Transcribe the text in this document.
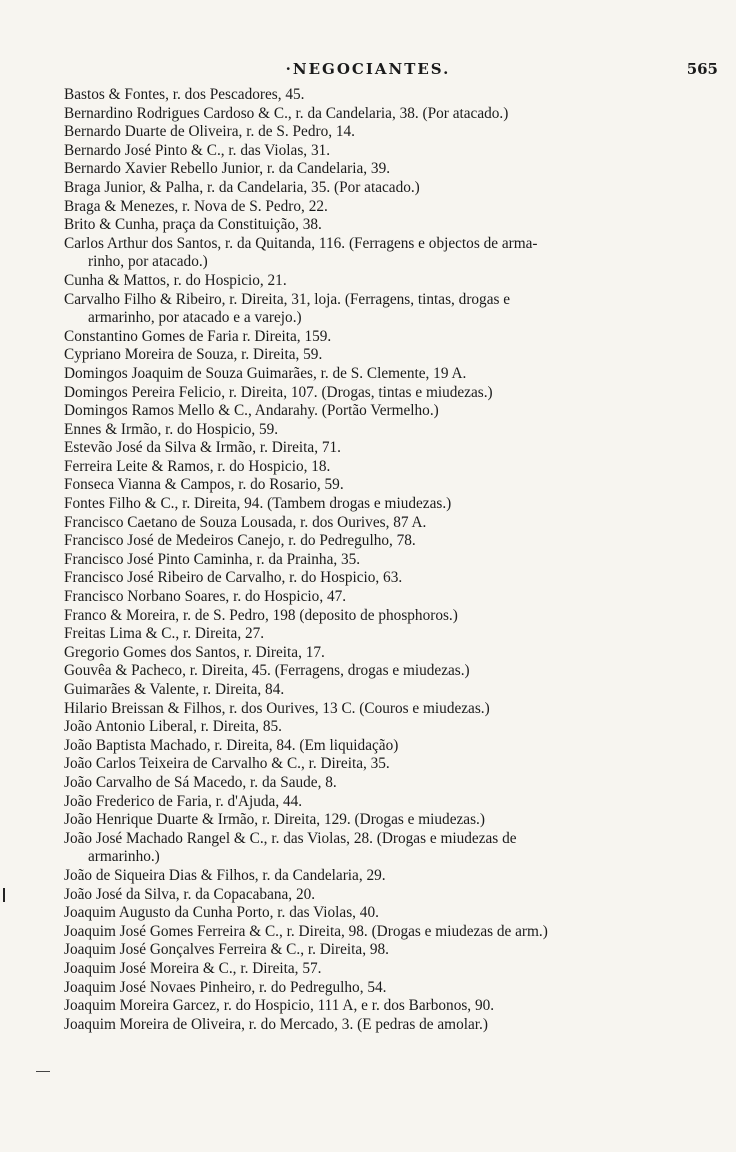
·NEGOCIANTES.	565

Bastos & Fontes, r. dos Pescadores, 45.

Bernardino Rodrigues Cardoso & C., r. da Candelaria, 38. (Por atacado.)

Bernardo Duarte de Oliveira, r. de S. Pedro, 14.

Bernardo José Pinto & C., r. das Violas, 31.

Bernardo Xavier Rebello Junior, r. da Candelaria, 39.

Braga Junior, & Palha, r. da Candelaria, 35. (Por atacado.)

Braga & Menezes, r. Nova de S. Pedro, 22.

Brito & Cunha, praça da Constituição, 38.

Carlos Arthur dos Santos, r. da Quitanda, 116. (Ferragens e objectos de arma-

rinho, por atacado.)

Cunha & Mattos, r. do Hospicio, 21.

Carvalho Filho & Ribeiro, r. Direita, 31, loja. (Ferragens, tintas, drogas e

armarinho, por atacado e a varejo.)

Constantino Gomes de Faria r. Direita, 159.

Cypriano Moreira de Souza, r. Direita, 59.

Domingos Joaquim de Souza Guimarães, r. de S. Clemente, 19 A.

Domingos Pereira Felicio, r. Direita, 107. (Drogas, tintas e miudezas.)

Domingos Ramos Mello & C., Andarahy. (Portão Vermelho.)

Ennes & Irmão, r. do Hospicio, 59.

Estevão José da Silva & Irmão, r. Direita, 71.

Ferreira Leite & Ramos, r. do Hospicio, 18.

Fonseca Vianna & Campos, r. do Rosario, 59.

Fontes Filho & C., r. Direita, 94. (Tambem drogas e miudezas.)

Francisco Caetano de Souza Lousada, r. dos Ourives, 87 A.

Francisco José de Medeiros Canejo, r. do Pedregulho, 78.

Francisco José Pinto Caminha, r. da Prainha, 35.

Francisco José Ribeiro de Carvalho, r. do Hospicio, 63.

Francisco Norbano Soares, r. do Hospicio, 47.

Franco & Moreira, r. de S. Pedro, 198 (deposito de phosphoros.)

Freitas Lima & C., r. Direita, 27.

Gregorio Gomes dos Santos, r. Direita, 17.

Gouvêa & Pacheco, r. Direita, 45. (Ferragens, drogas e miudezas.)

Guimarães & Valente, r. Direita, 84.

Hilario Breissan & Filhos, r. dos Ourives, 13 C. (Couros e miudezas.)

João Antonio Liberal, r. Direita, 85.

João Baptista Machado, r. Direita, 84. (Em liquidação)

João Carlos Teixeira de Carvalho & C., r. Direita, 35.

João Carvalho de Sá Macedo, r. da Saude, 8.

João Frederico de Faria, r. d'Ajuda, 44.

João Henrique Duarte & Irmão, r. Direita, 129. (Drogas e miudezas.)

João José Machado Rangel & C., r. das Violas, 28. (Drogas e miudezas de

armarinho.)

João de Siqueira Dias & Filhos, r. da Candelaria, 29.

João José da Silva, r. da Copacabana, 20.

Joaquim Augusto da Cunha Porto, r. das Violas, 40.

Joaquim José Gomes Ferreira & C., r. Direita, 98. (Drogas e miudezas de arm.)

Joaquim José Gonçalves Ferreira & C., r. Direita, 98.

Joaquim José Moreira & C., r. Direita, 57.

Joaquim José Novaes Pinheiro, r. do Pedregulho, 54.

Joaquim Moreira Garcez, r. do Hospicio, 111 A, e r. dos Barbonos, 90.

Joaquim Moreira de Oliveira, r. do Mercado, 3. (E pedras de amolar.)
